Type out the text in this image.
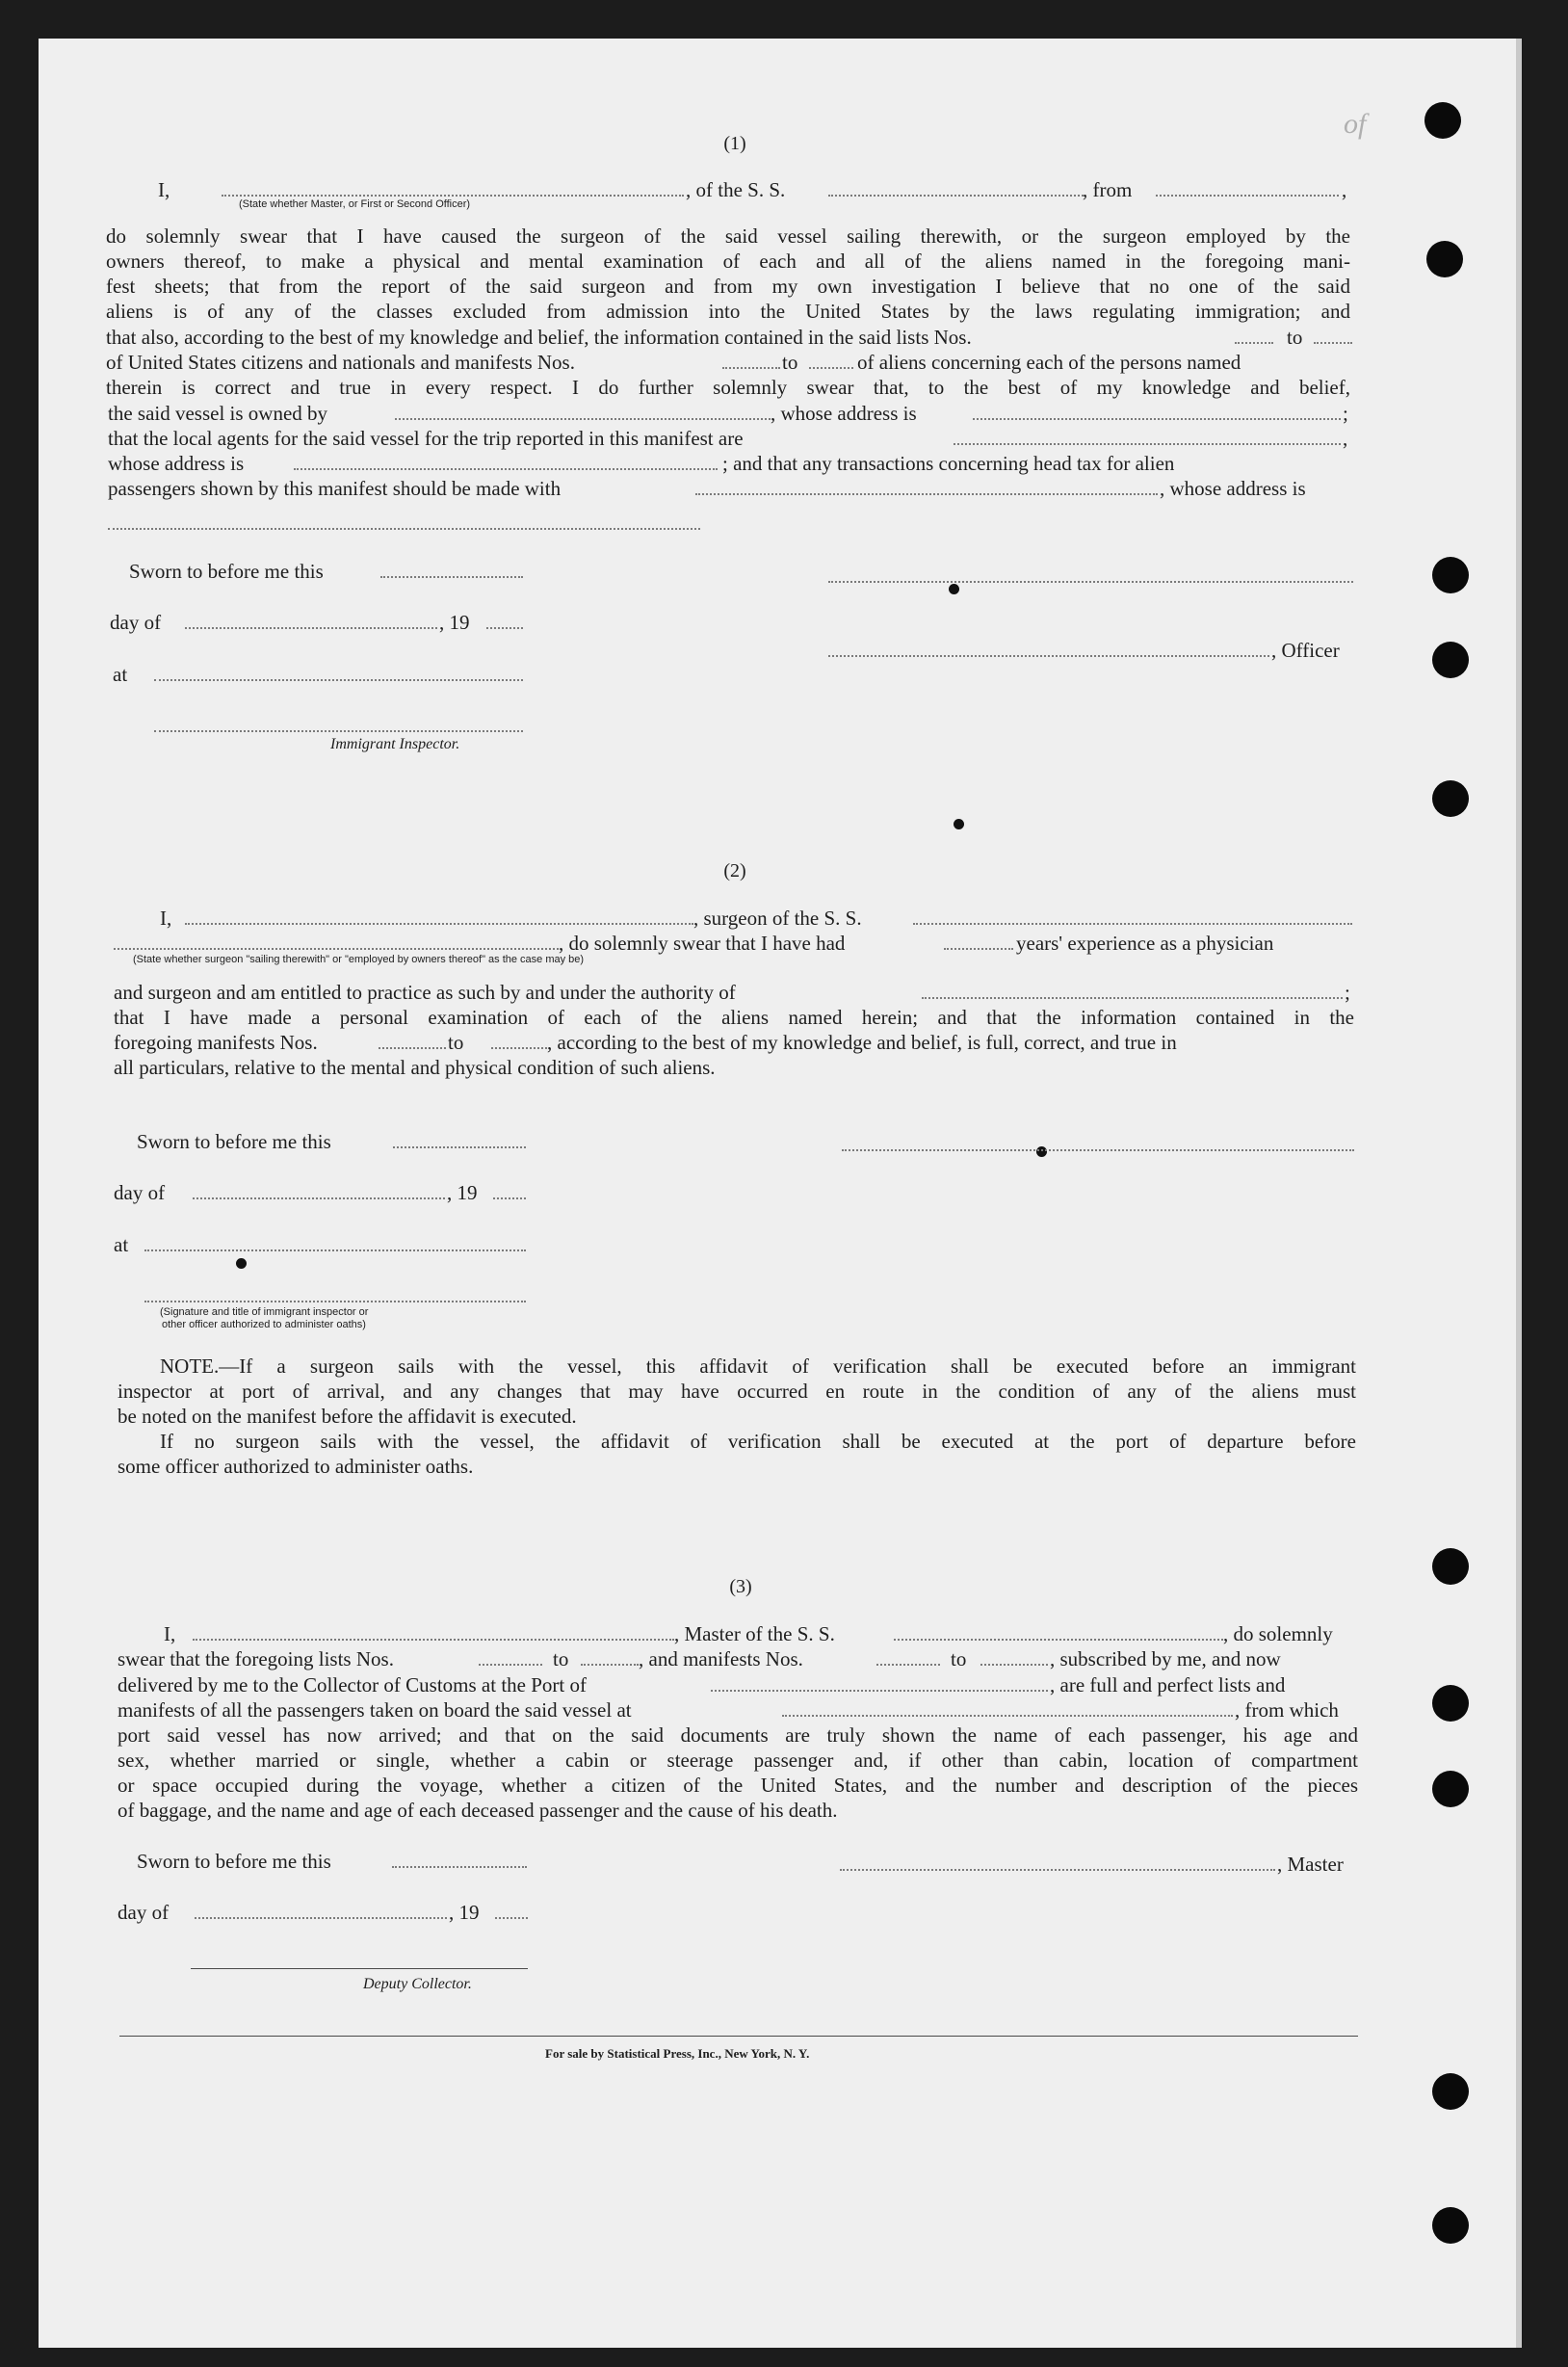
of
(1)
I,	, of the S. S.	, from	,
(State whether Master, or First or Second Officer)
do solemnly swear that I have caused the surgeon of the said vessel sailing therewith, or the surgeon employed by the
owners thereof, to make a physical and mental examination of each and all of the aliens named in the foregoing mani-
fest sheets; that from the report of the said surgeon and from my own investigation I believe that no one of the said
aliens is of any of the classes excluded from admission into the United States by the laws regulating immigration; and
that also, according to the best of my knowledge and belief, the information contained in the said lists Nos.	to
of United States citizens and nationals and manifests Nos.	to	of aliens concerning each of the persons named
therein is correct and true in every respect. I do further solemnly swear that, to the best of my knowledge and belief,
the said vessel is owned by	, whose address is	;
that the local agents for the said vessel for the trip reported in this manifest are	,
whose address is	; and that any transactions concerning head tax for alien
passengers shown by this manifest should be made with	, whose address is
Sworn to before me this
day of	, 19
, Officer
at
Immigrant Inspector.
(2)
I,	, surgeon of the S. S.
, do solemnly swear that I have had	years' experience as a physician
(State whether surgeon "sailing therewith" or "employed by owners thereof" as the case may be)
and surgeon and am entitled to practice as such by and under the authority of	;
that I have made a personal examination of each of the aliens named herein; and that the information contained in the
foregoing manifests Nos.	to	, according to the best of my knowledge and belief, is full, correct, and true in
all particulars, relative to the mental and physical condition of such aliens.
Sworn to before me this
day of	, 19
at
(Signature and title of immigrant inspector or
other officer authorized to administer oaths)
NOTE.—If a surgeon sails with the vessel, this affidavit of verification shall be executed before an immigrant
inspector at port of arrival, and any changes that may have occurred en route in the condition of any of the aliens must
be noted on the manifest before the affidavit is executed.
If no surgeon sails with the vessel, the affidavit of verification shall be executed at the port of departure before
some officer authorized to administer oaths.
(3)
I,	, Master of the S. S.	, do solemnly
swear that the foregoing lists Nos.	to	, and manifests Nos.	to	, subscribed by me, and now
delivered by me to the Collector of Customs at the Port of	, are full and perfect lists and
manifests of all the passengers taken on board the said vessel at	, from which
port said vessel has now arrived; and that on the said documents are truly shown the name of each passenger, his age and
sex, whether married or single, whether a cabin or steerage passenger and, if other than cabin, location of compartment
or space occupied during the voyage, whether a citizen of the United States, and the number and description of the pieces
of baggage, and the name and age of each deceased passenger and the cause of his death.
Sworn to before me this	, Master
day of	, 19
Deputy Collector.
For sale by Statistical Press, Inc., New York, N. Y.
